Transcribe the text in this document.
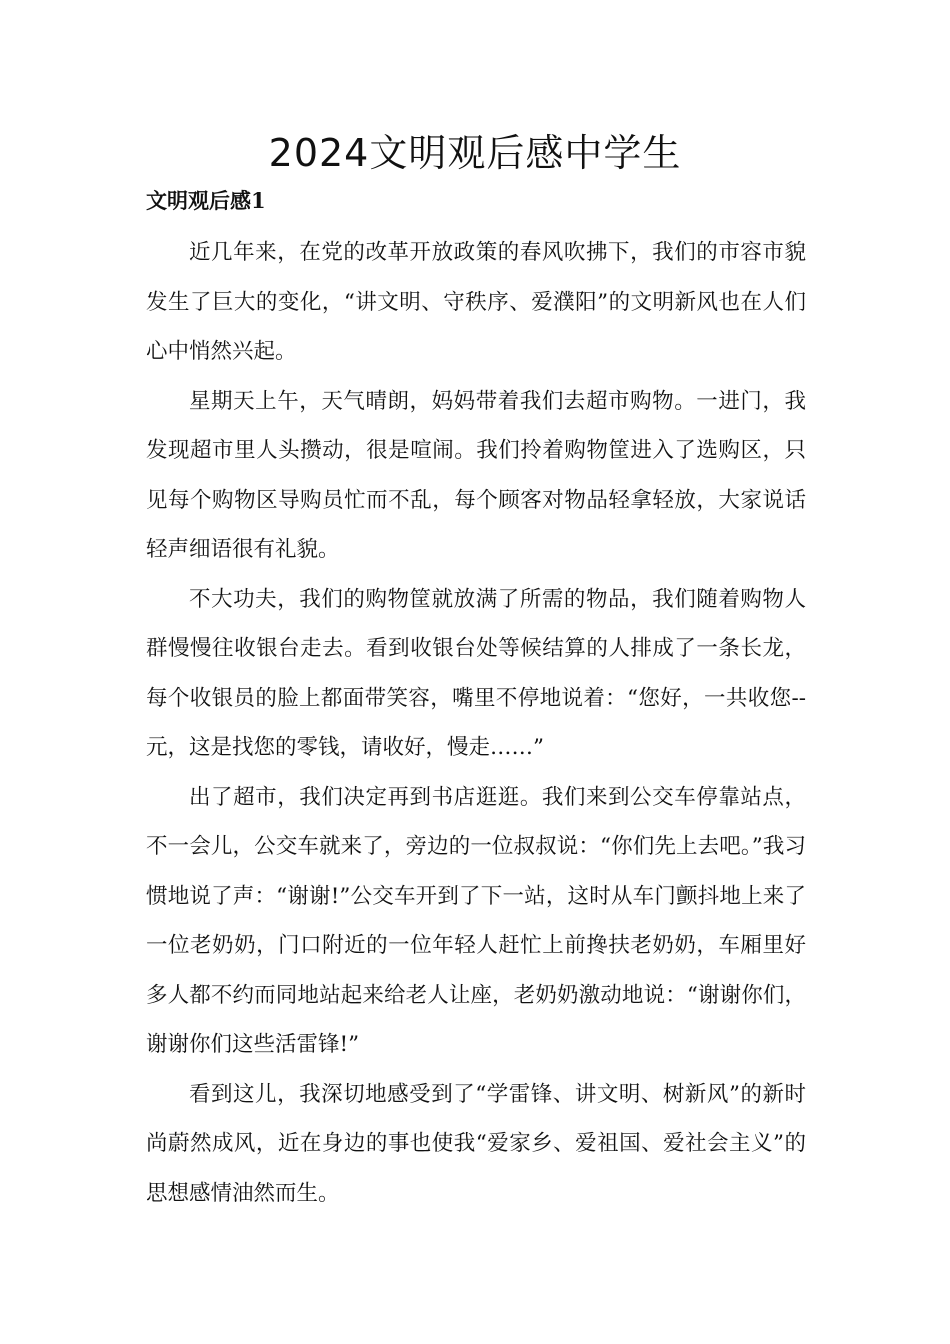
2024文明观后感中学生
文明观后感1

近几年来，在党的改革开放政策的春风吹拂下，我们的市容市貌发生了巨大的变化，“讲文明、守秩序、爱濮阳”的文明新风也在人们心中悄然兴起。

星期天上午，天气晴朗，妈妈带着我们去超市购物。一进门，我发现超市里人头攒动，很是喧闹。我们拎着购物筐进入了选购区，只见每个购物区导购员忙而不乱，每个顾客对物品轻拿轻放，大家说话轻声细语很有礼貌。

不大功夫，我们的购物筐就放满了所需的物品，我们随着购物人群慢慢往收银台走去。看到收银台处等候结算的人排成了一条长龙，每个收银员的脸上都面带笑容，嘴里不停地说着：“您好，一共收您--元，这是找您的零钱，请收好，慢走……”

出了超市，我们决定再到书店逛逛。我们来到公交车停靠站点，不一会儿，公交车就来了，旁边的一位叔叔说：“你们先上去吧。”我习惯地说了声：“谢谢!”公交车开到了下一站，这时从车门颤抖地上来了一位老奶奶，门口附近的一位年轻人赶忙上前搀扶老奶奶，车厢里好多人都不约而同地站起来给老人让座，老奶奶激动地说：“谢谢你们，谢谢你们这些活雷锋!”

看到这儿，我深切地感受到了“学雷锋、讲文明、树新风”的新时尚蔚然成风，近在身边的事也使我“爱家乡、爱祖国、爱社会主义”的思想感情油然而生。
